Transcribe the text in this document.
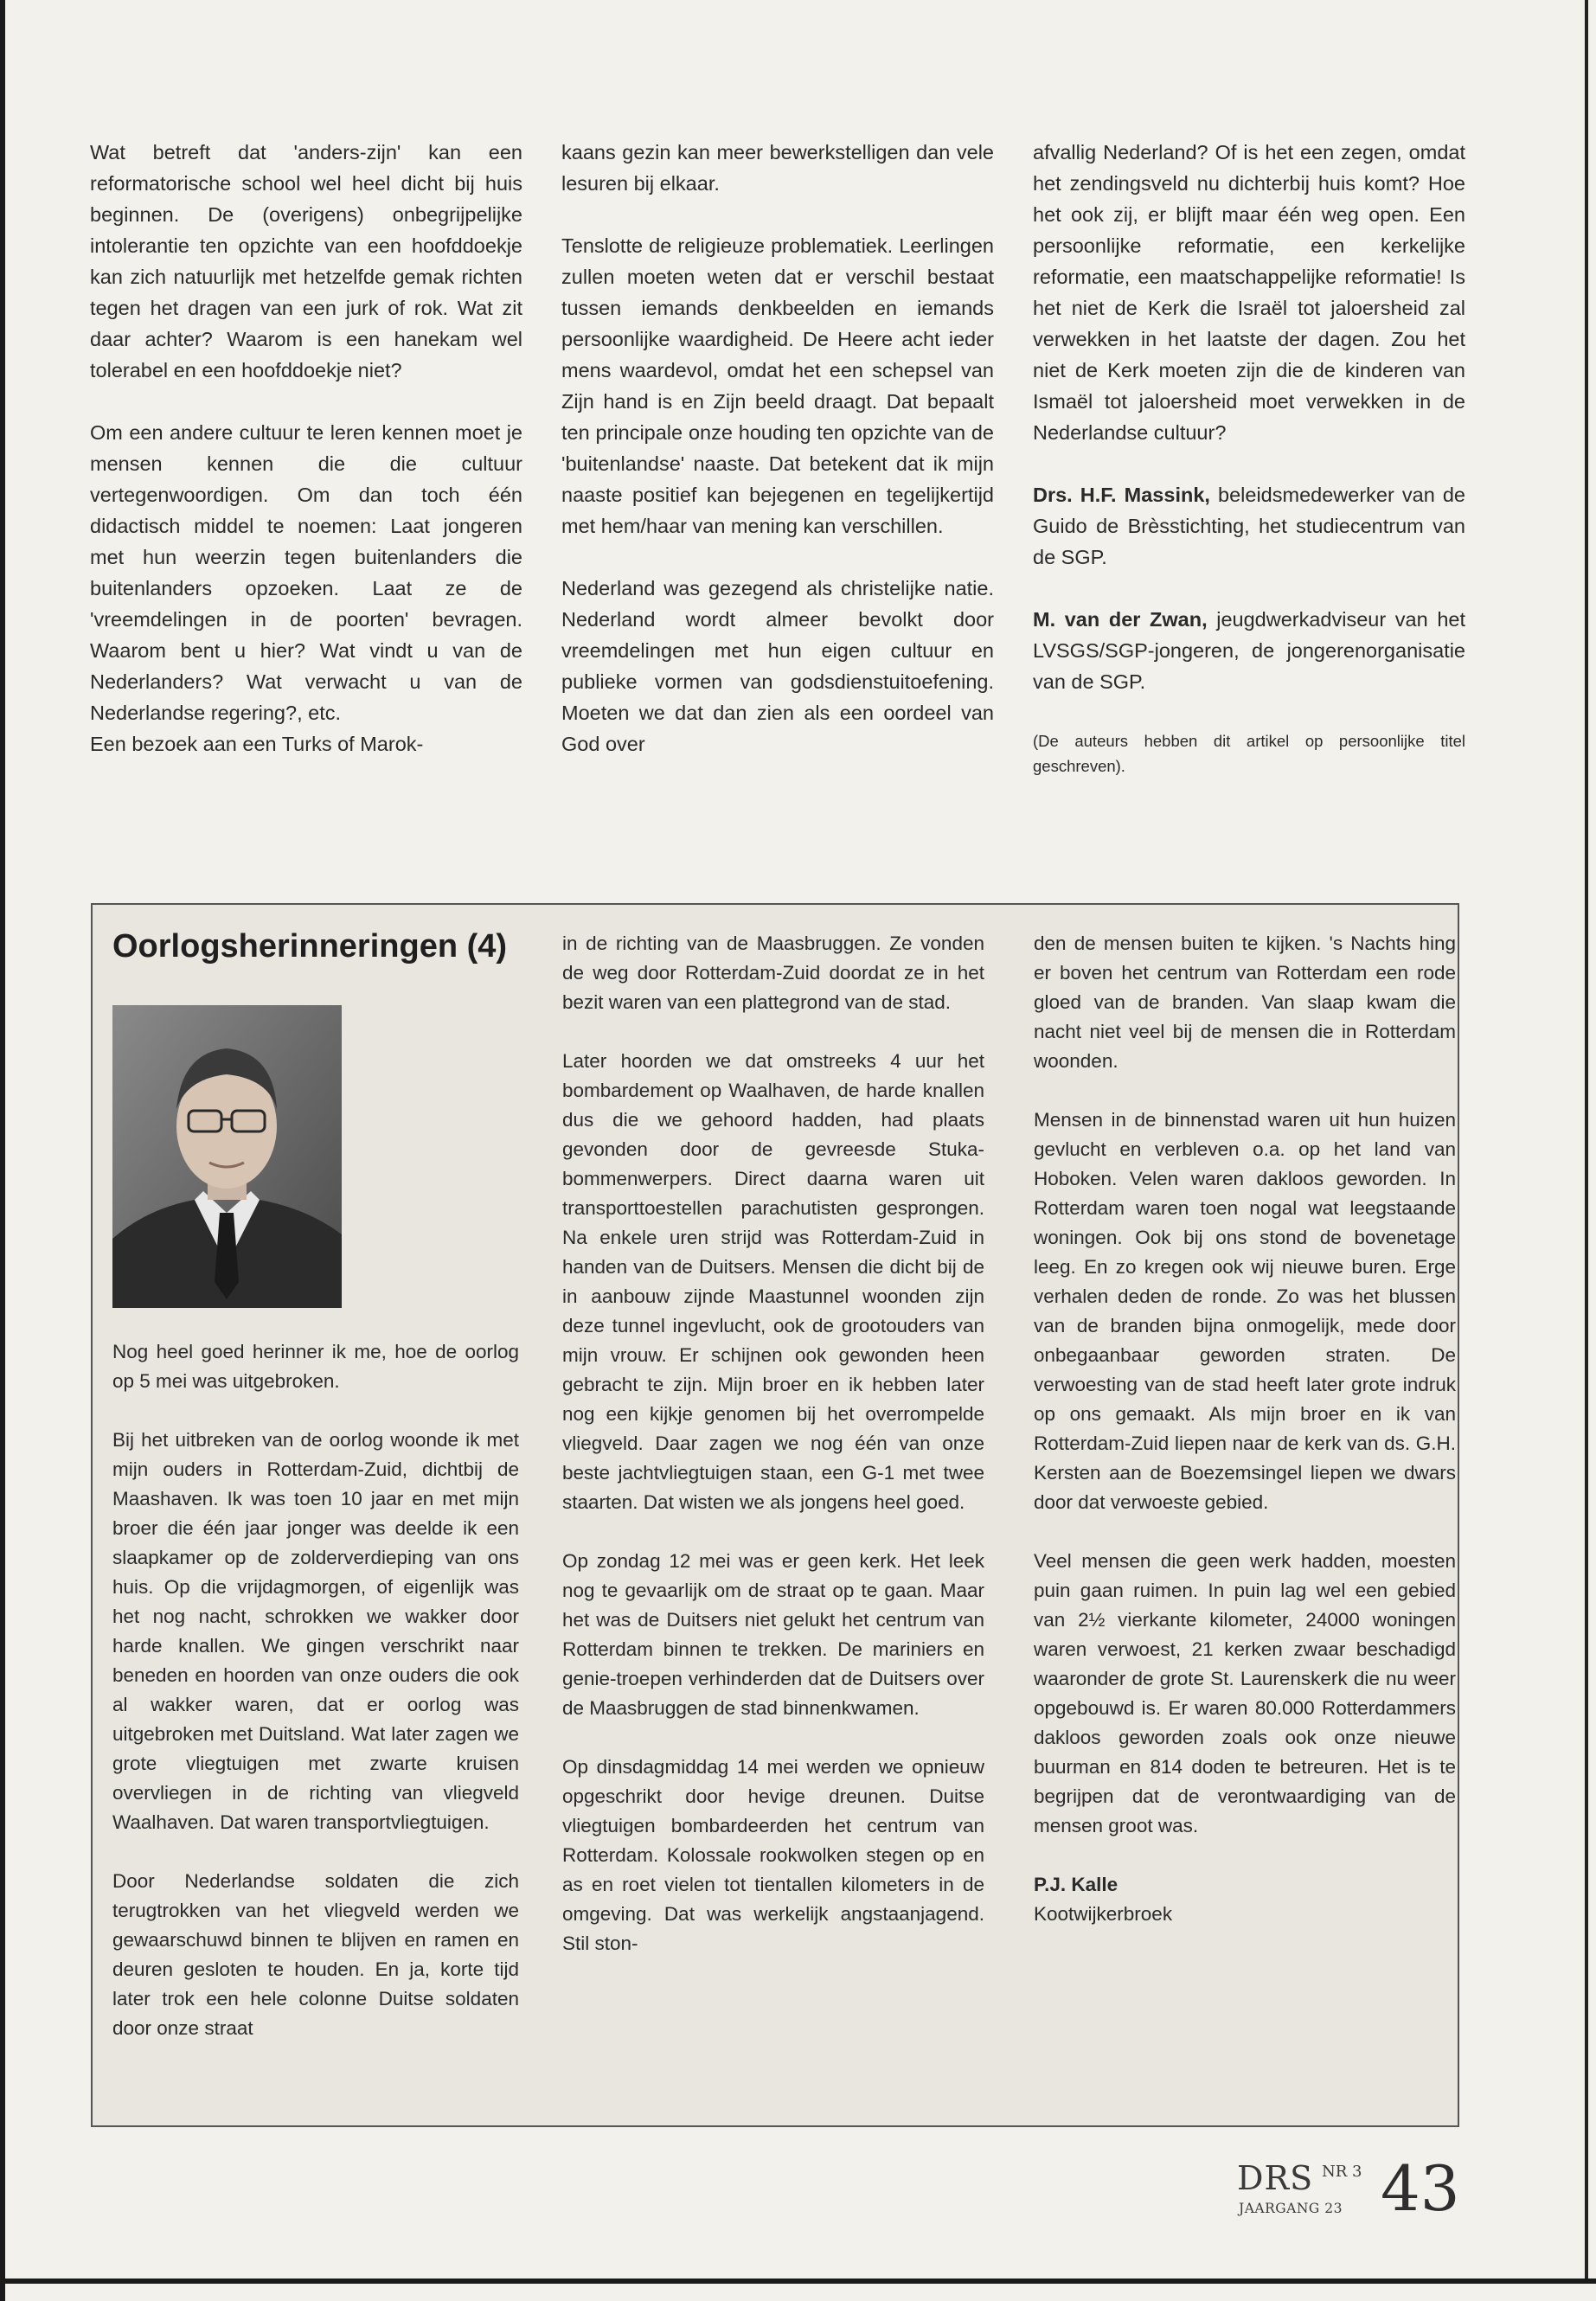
Wat betreft dat 'anders-zijn' kan een reformatorische school wel heel dicht bij huis beginnen. De (overigens) onbegrijpelijke intolerantie ten opzichte van een hoofddoekje kan zich natuurlijk met hetzelfde gemak richten tegen het dragen van een jurk of rok. Wat zit daar achter? Waarom is een hanekam wel tolerabel en een hoofddoekje niet?

Om een andere cultuur te leren kennen moet je mensen kennen die die cultuur vertegenwoordigen. Om dan toch één didactisch middel te noemen: Laat jongeren met hun weerzin tegen buitenlanders die buitenlanders opzoeken. Laat ze de 'vreemdelingen in de poorten' bevragen. Waarom bent u hier? Wat vindt u van de Nederlanders? Wat verwacht u van de Nederlandse regering?, etc.

Een bezoek aan een Turks of Marok-

kaans gezin kan meer bewerkstelligen dan vele lesuren bij elkaar.

Tenslotte de religieuze problematiek. Leerlingen zullen moeten weten dat er verschil bestaat tussen iemands denkbeelden en iemands persoonlijke waardigheid. De Heere acht ieder mens waardevol, omdat het een schepsel van Zijn hand is en Zijn beeld draagt. Dat bepaalt ten principale onze houding ten opzichte van de 'buitenlandse' naaste. Dat betekent dat ik mijn naaste positief kan bejegenen en tegelijkertijd met hem/haar van mening kan verschillen.

Nederland was gezegend als christelijke natie. Nederland wordt almeer bevolkt door vreemdelingen met hun eigen cultuur en publieke vormen van godsdienstuitoefening. Moeten we dat dan zien als een oordeel van God over

afvallig Nederland? Of is het een zegen, omdat het zendingsveld nu dichterbij huis komt? Hoe het ook zij, er blijft maar één weg open. Een persoonlijke reformatie, een kerkelijke reformatie, een maatschappelijke reformatie! Is het niet de Kerk die Israël tot jaloersheid zal verwekken in het laatste der dagen. Zou het niet de Kerk moeten zijn die de kinderen van Ismaël tot jaloersheid moet verwekken in de Nederlandse cultuur?

Drs. H.F. Massink, beleidsmedewerker van de Guido de Brèsstichting, het studiecentrum van de SGP.

M. van der Zwan, jeugdwerkadviseur van het LVSGS/SGP-jongeren, de jongerenorganisatie van de SGP.

(De auteurs hebben dit artikel op persoonlijke titel geschreven).

Oorlogsherinneringen (4)

Nog heel goed herinner ik me, hoe de oorlog op 5 mei was uitgebroken.

Bij het uitbreken van de oorlog woonde ik met mijn ouders in Rotterdam-Zuid, dichtbij de Maashaven. Ik was toen 10 jaar en met mijn broer die één jaar jonger was deelde ik een slaapkamer op de zolderverdieping van ons huis. Op die vrijdagmorgen, of eigenlijk was het nog nacht, schrokken we wakker door harde knallen. We gingen verschrikt naar beneden en hoorden van onze ouders die ook al wakker waren, dat er oorlog was uitgebroken met Duitsland. Wat later zagen we grote vliegtuigen met zwarte kruisen overvliegen in de richting van vliegveld Waalhaven. Dat waren transportvliegtuigen.

Door Nederlandse soldaten die zich terugtrokken van het vliegveld werden we gewaarschuwd binnen te blijven en ramen en deuren gesloten te houden. En ja, korte tijd later trok een hele colonne Duitse soldaten door onze straat

in de richting van de Maasbruggen. Ze vonden de weg door Rotterdam-Zuid doordat ze in het bezit waren van een plattegrond van de stad.

Later hoorden we dat omstreeks 4 uur het bombardement op Waalhaven, de harde knallen dus die we gehoord hadden, had plaats gevonden door de gevreesde Stuka-bommenwerpers. Direct daarna waren uit transporttoestellen parachutisten gesprongen. Na enkele uren strijd was Rotterdam-Zuid in handen van de Duitsers. Mensen die dicht bij de in aanbouw zijnde Maastunnel woonden zijn deze tunnel ingevlucht, ook de grootouders van mijn vrouw. Er schijnen ook gewonden heen gebracht te zijn. Mijn broer en ik hebben later nog een kijkje genomen bij het overrompelde vliegveld. Daar zagen we nog één van onze beste jachtvliegtuigen staan, een G-1 met twee staarten. Dat wisten we als jongens heel goed.

Op zondag 12 mei was er geen kerk. Het leek nog te gevaarlijk om de straat op te gaan. Maar het was de Duitsers niet gelukt het centrum van Rotterdam binnen te trekken. De mariniers en genie-troepen verhinderden dat de Duitsers over de Maasbruggen de stad binnenkwamen.

Op dinsdagmiddag 14 mei werden we opnieuw opgeschrikt door hevige dreunen. Duitse vliegtuigen bombardeerden het centrum van Rotterdam. Kolossale rookwolken stegen op en as en roet vielen tot tientallen kilometers in de omgeving. Dat was werkelijk angstaanjagend. Stil ston-

den de mensen buiten te kijken. 's Nachts hing er boven het centrum van Rotterdam een rode gloed van de branden. Van slaap kwam die nacht niet veel bij de mensen die in Rotterdam woonden.

Mensen in de binnenstad waren uit hun huizen gevlucht en verbleven o.a. op het land van Hoboken. Velen waren dakloos geworden. In Rotterdam waren toen nogal wat leegstaande woningen. Ook bij ons stond de bovenetage leeg. En zo kregen ook wij nieuwe buren. Erge verhalen deden de ronde. Zo was het blussen van de branden bijna onmogelijk, mede door onbegaanbaar geworden straten. De verwoesting van de stad heeft later grote indruk op ons gemaakt. Als mijn broer en ik van Rotterdam-Zuid liepen naar de kerk van ds. G.H. Kersten aan de Boezemsingel liepen we dwars door dat verwoeste gebied.

Veel mensen die geen werk hadden, moesten puin gaan ruimen. In puin lag wel een gebied van 2½ vierkante kilometer, 24000 woningen waren verwoest, 21 kerken zwaar beschadigd waaronder de grote St. Laurenskerk die nu weer opgebouwd is. Er waren 80.000 Rotterdammers dakloos geworden zoals ook onze nieuwe buurman en 814 doden te betreuren. Het is te begrijpen dat de verontwaardiging van de mensen groot was.

P.J. Kalle

Kootwijkerbroek

DRS NR 3
JAARGANG 23 43
